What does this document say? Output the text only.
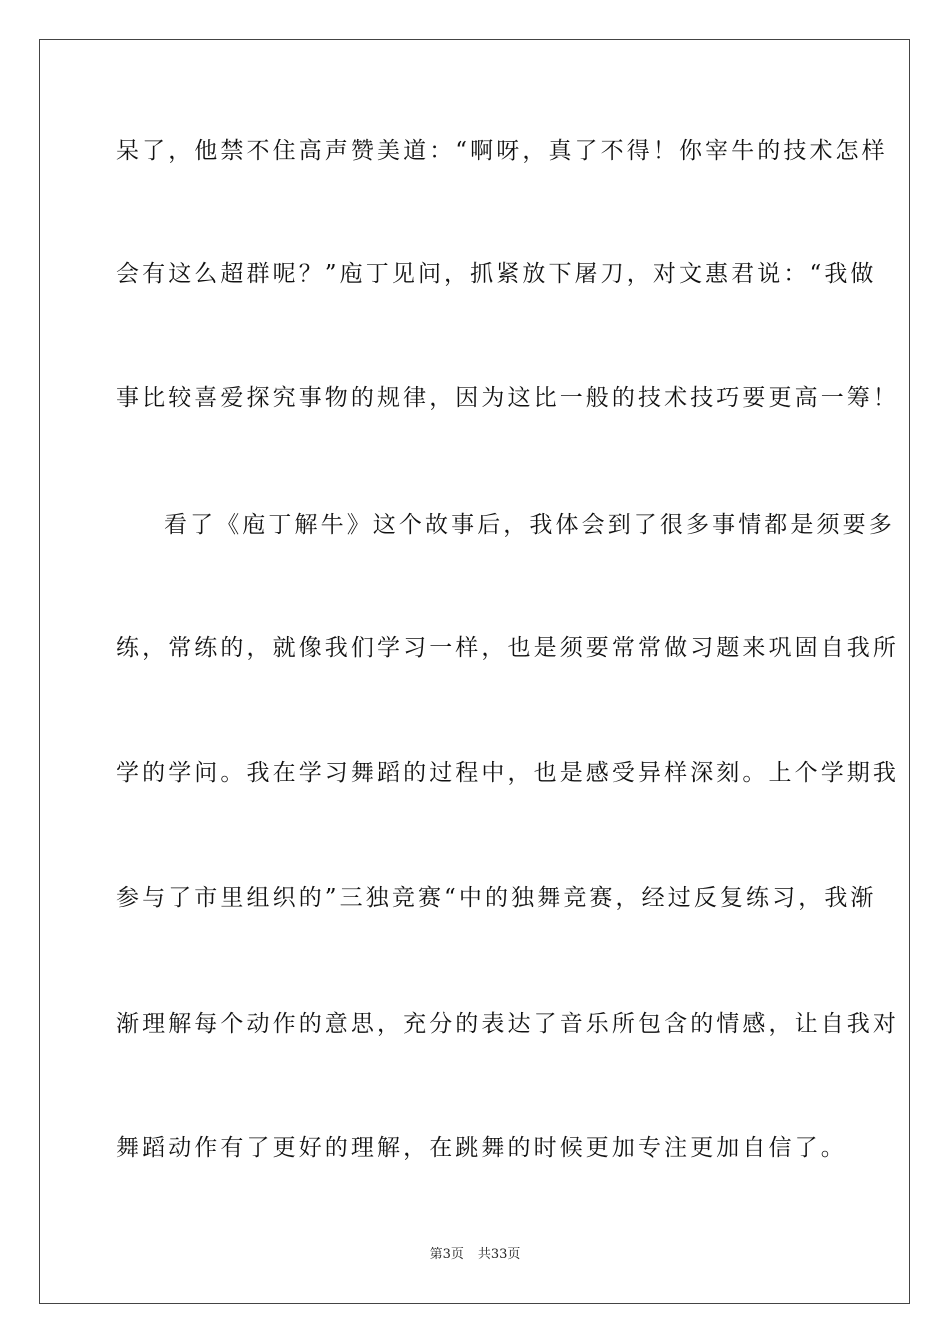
呆了，他禁不住高声赞美道：“啊呀，真了不得！你宰牛的技术怎样
会有这么超群呢？”庖丁见问，抓紧放下屠刀，对文惠君说：“我做
事比较喜爱探究事物的规律，因为这比一般的技术技巧要更高一筹！
看了《庖丁解牛》这个故事后，我体会到了很多事情都是须要多
练，常练的，就像我们学习一样，也是须要常常做习题来巩固自我所
学的学问。我在学习舞蹈的过程中，也是感受异样深刻。上个学期我
参与了市里组织的”三独竞赛“中的独舞竞赛，经过反复练习，我渐
渐理解每个动作的意思，充分的表达了音乐所包含的情感，让自我对
舞蹈动作有了更好的理解，在跳舞的时候更加专注更加自信了。
第3页 共33页
